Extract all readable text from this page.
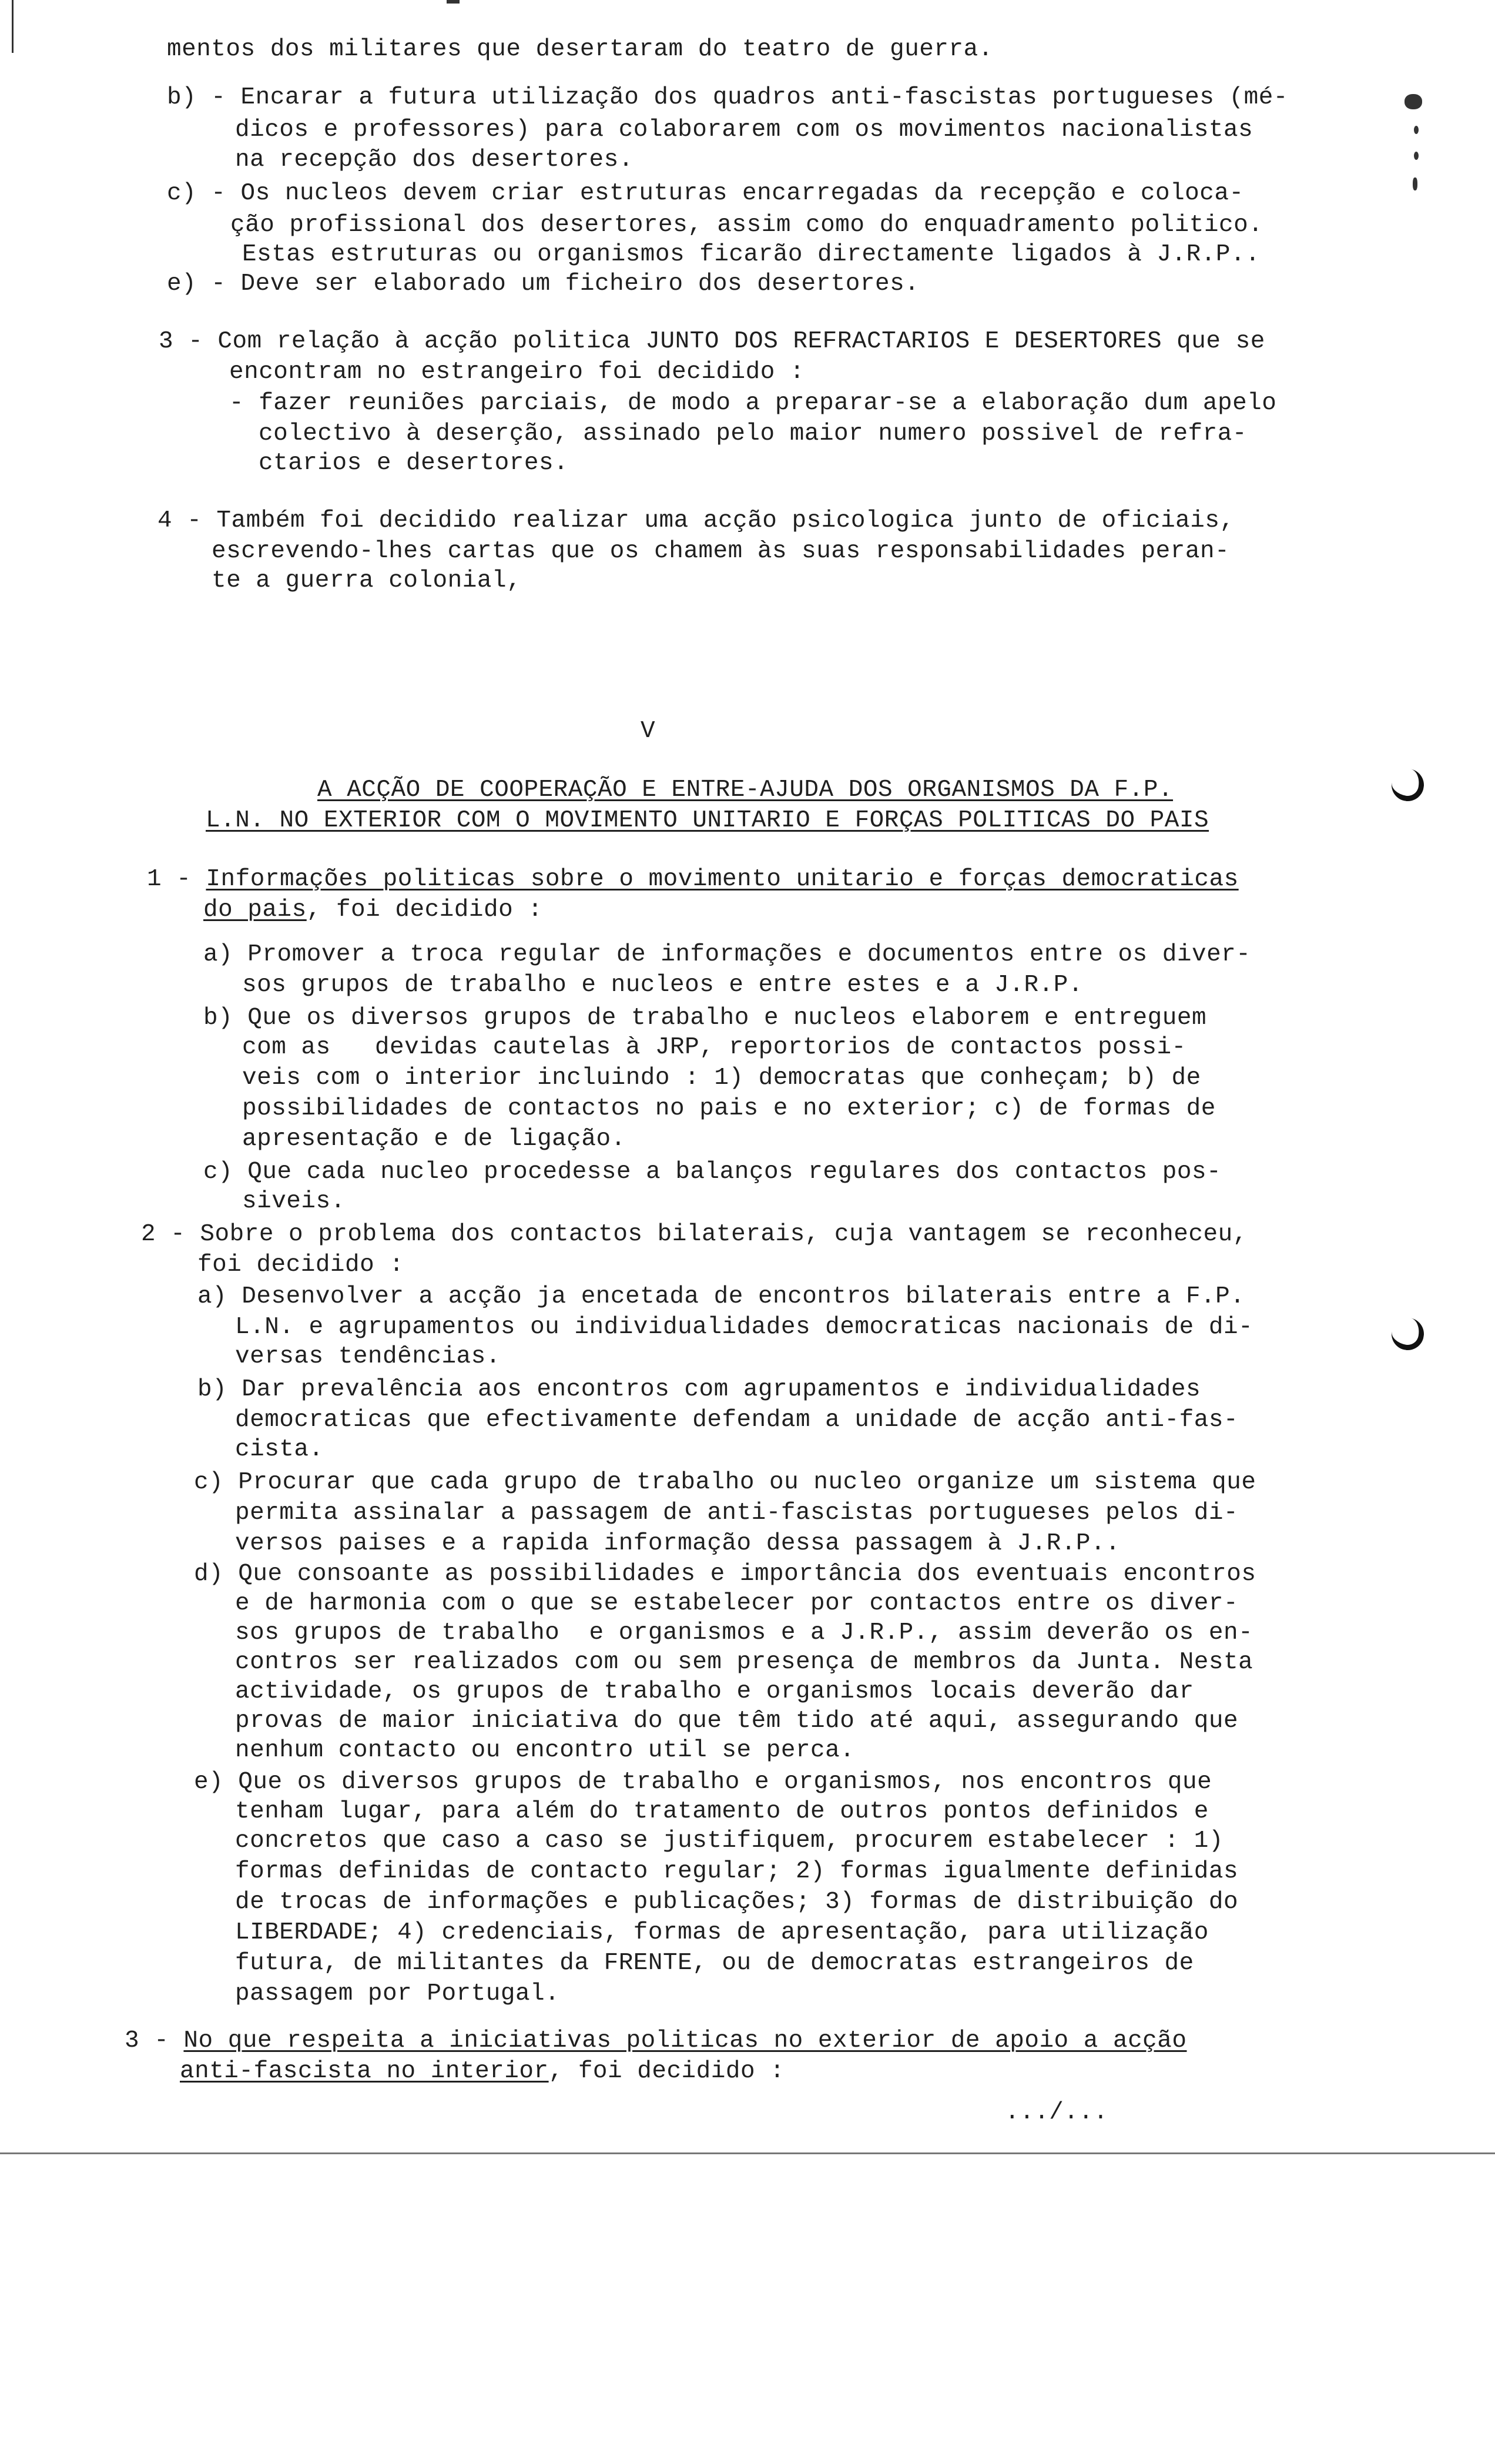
mentos dos militares que desertaram do teatro de guerra.
b) - Encarar a futura utilização dos quadros anti-fascistas portugueses (mé-
dicos e professores) para colaborarem com os movimentos nacionalistas
na recepção dos desertores.
c) - Os nucleos devem criar estruturas encarregadas da recepção e coloca-
ção profissional dos desertores, assim como do enquadramento politico.
Estas estruturas ou organismos ficarão directamente ligados à J.R.P..
e) - Deve ser elaborado um ficheiro dos desertores.
3 - Com relação à acção politica JUNTO DOS REFRACTARIOS E DESERTORES que se
encontram no estrangeiro foi decidido :
- fazer reuniões parciais, de modo a preparar-se a elaboração dum apelo
colectivo à deserção, assinado pelo maior numero possivel de refra-
ctarios e desertores.
4 - Também foi decidido realizar uma acção psicologica junto de oficiais,
escrevendo-lhes cartas que os chamem às suas responsabilidades peran-
te a guerra colonial,
V
A ACÇÃO DE COOPERAÇÃO E ENTRE-AJUDA DOS ORGANISMOS DA F.P.
L.N. NO EXTERIOR COM O MOVIMENTO UNITARIO E FORÇAS POLITICAS DO PAIS
1 - Informações politicas sobre o movimento unitario e forças democraticas
do pais, foi decidido :
a) Promover a troca regular de informações e documentos entre os diver-
sos grupos de trabalho e nucleos e entre estes e a J.R.P.
b) Que os diversos grupos de trabalho e nucleos elaborem e entreguem
com as   devidas cautelas à JRP, reportorios de contactos possi-
veis com o interior incluindo : 1) democratas que conheçam; b) de
possibilidades de contactos no pais e no exterior; c) de formas de
apresentação e de ligação.
c) Que cada nucleo procedesse a balanços regulares dos contactos pos-
siveis.
2 - Sobre o problema dos contactos bilaterais, cuja vantagem se reconheceu,
foi decidido :
a) Desenvolver a acção ja encetada de encontros bilaterais entre a F.P.
L.N. e agrupamentos ou individualidades democraticas nacionais de di-
versas tendências.
b) Dar prevalência aos encontros com agrupamentos e individualidades
democraticas que efectivamente defendam a unidade de acção anti-fas-
cista.
c) Procurar que cada grupo de trabalho ou nucleo organize um sistema que
permita assinalar a passagem de anti-fascistas portugueses pelos di-
versos paises e a rapida informação dessa passagem à J.R.P..
d) Que consoante as possibilidades e importância dos eventuais encontros
e de harmonia com o que se estabelecer por contactos entre os diver-
sos grupos de trabalho  e organismos e a J.R.P., assim deverão os en-
contros ser realizados com ou sem presença de membros da Junta. Nesta
actividade, os grupos de trabalho e organismos locais deverão dar
provas de maior iniciativa do que têm tido até aqui, assegurando que
nenhum contacto ou encontro util se perca.
e) Que os diversos grupos de trabalho e organismos, nos encontros que
tenham lugar, para além do tratamento de outros pontos definidos e
concretos que caso a caso se justifiquem, procurem estabelecer : 1)
formas definidas de contacto regular; 2) formas igualmente definidas
de trocas de informações e publicações; 3) formas de distribuição do
LIBERDADE; 4) credenciais, formas de apresentação, para utilização
futura, de militantes da FRENTE, ou de democratas estrangeiros de
passagem por Portugal.
3 - No que respeita a iniciativas politicas no exterior de apoio a acção
anti-fascista no interior, foi decidido :
.../...
